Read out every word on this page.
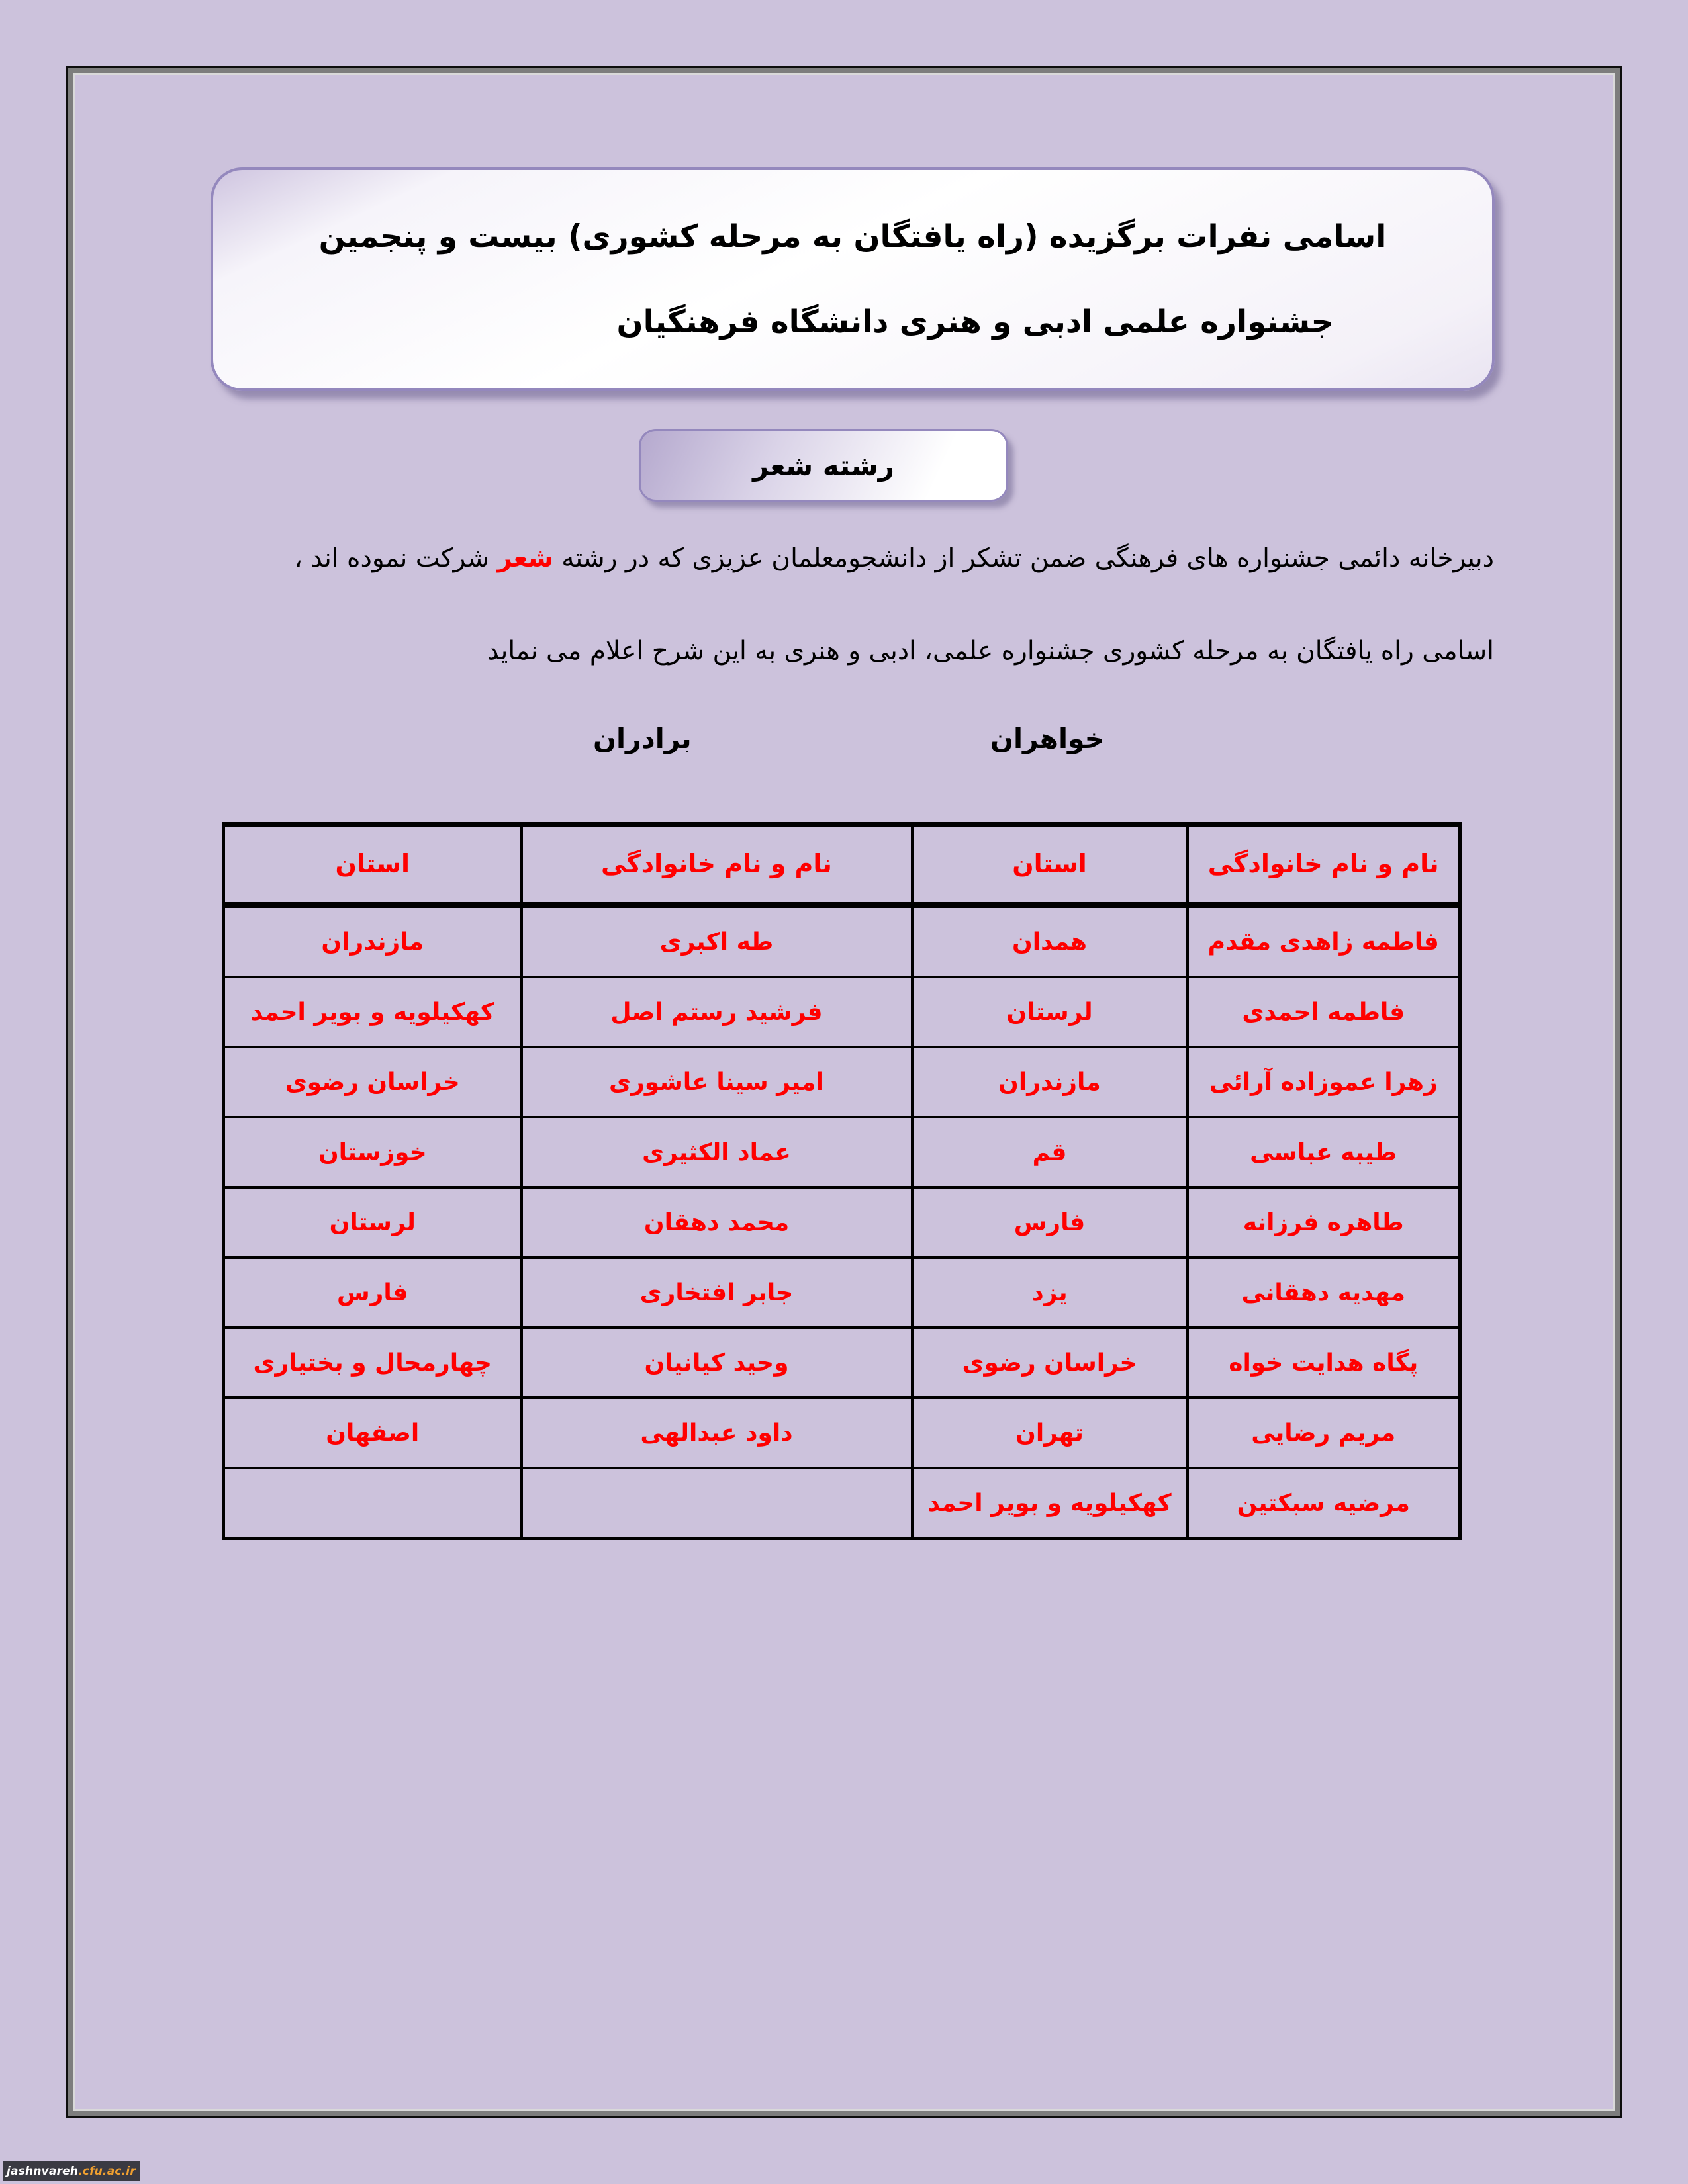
اسامی نفرات برگزیده (راه یافتگان به مرحله کشوری) بیست و پنجمین
جشنواره علمی ادبی و هنری دانشگاه فرهنگیان
رشته شعر
دبیرخانه دائمی جشنواره های فرهنگی ضمن تشکر از دانشجومعلمان عزیزی که در رشته شعر شرکت نموده اند ،
اسامی راه یافتگان به مرحله کشوری جشنواره علمی، ادبی و هنری به این شرح اعلام می نماید
برادران	خواهران
نام و نام خانوادگی	استان	نام و نام خانوادگی	استان
فاطمه زاهدی مقدم	همدان	طه اکبری	مازندران
فاطمه احمدی	لرستان	فرشید رستم اصل	کهکیلویه و بویر احمد
زهرا عموزاده آرائی	مازندران	امیر سینا عاشوری	خراسان رضوی
طیبه عباسی	قم	عماد الکثیری	خوزستان
طاهره فرزانه	فارس	محمد دهقان	لرستان
مهدیه دهقانی	یزد	جابر افتخاری	فارس
پگاه هدایت خواه	خراسان رضوی	وحید کیانیان	چهارمحال و بختیاری
مریم رضایی	تهران	داود عبدالهی	اصفهان
مرضیه سبکتین	کهکیلویه و بویر احمد		
jashnvareh .cfu.ac.ir
